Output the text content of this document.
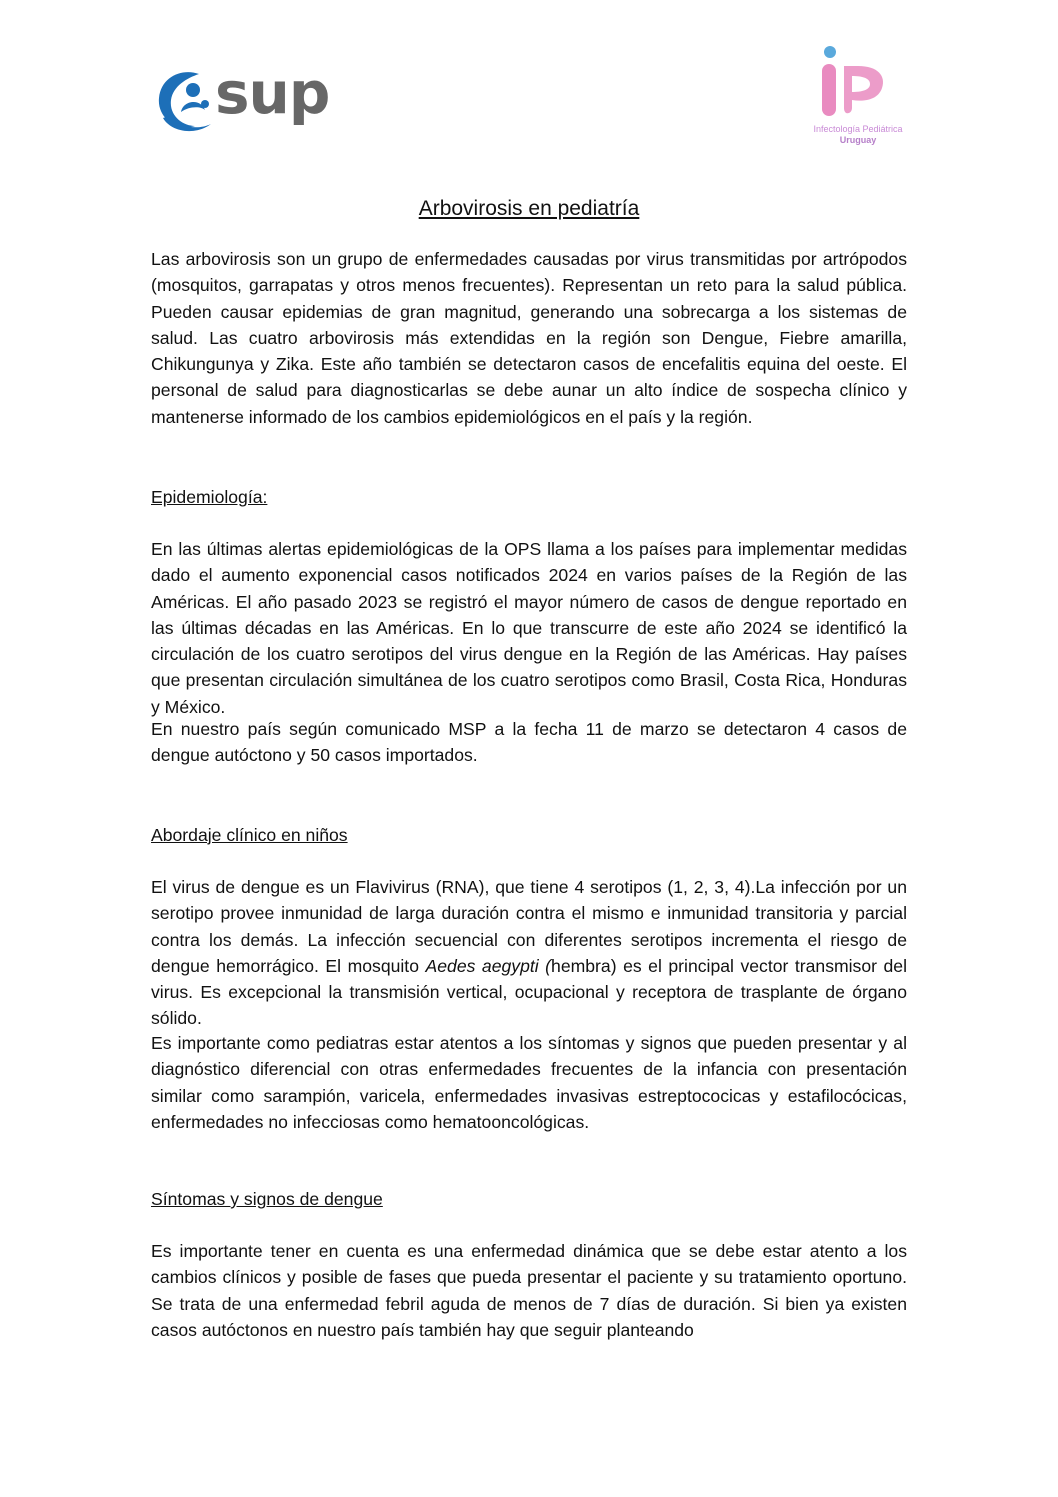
sup
Infectología Pediátrica
Uruguay
Arbovirosis en pediatría

Las arbovirosis son un grupo de enfermedades causadas por virus transmitidas por artrópodos (mosquitos, garrapatas y otros menos frecuentes). Representan un reto para la salud pública. Pueden causar epidemias de gran magnitud, generando una sobrecarga a los sistemas de salud. Las cuatro arbovirosis más extendidas en la región son Dengue, Fiebre amarilla, Chikungunya y Zika. Este año también se detectaron casos de encefalitis equina del oeste. El personal de salud para diagnosticarlas se debe aunar un alto índice de sospecha clínico y mantenerse informado de los cambios epidemiológicos en el país y la región.

Epidemiología:

En las últimas alertas epidemiológicas de la OPS llama a los países para implementar medidas dado el aumento exponencial casos notificados 2024 en varios países de la Región de las Américas. El año pasado 2023 se registró el mayor número de casos de dengue reportado en las últimas décadas en las Américas. En lo que transcurre de este año 2024 se identificó la circulación de los cuatro serotipos del virus dengue en la Región de las Américas. Hay países que presentan circulación simultánea de los cuatro serotipos como Brasil, Costa Rica, Honduras y México.

En nuestro país según comunicado MSP a la fecha 11 de marzo se detectaron 4 casos de dengue autóctono y 50 casos importados.

Abordaje clínico en niños

El virus de dengue es un Flavivirus (RNA), que tiene 4 serotipos (1, 2, 3, 4).La infección por un serotipo provee inmunidad de larga duración contra el mismo e inmunidad transitoria y parcial contra los demás. La infección secuencial con diferentes serotipos incrementa el riesgo de dengue hemorrágico. El mosquito Aedes aegypti (hembra) es el principal vector transmisor del virus. Es excepcional la transmisión vertical, ocupacional y receptora de trasplante de órgano sólido.

Es importante como pediatras estar atentos a los síntomas y signos que pueden presentar y al diagnóstico diferencial con otras enfermedades frecuentes de la infancia con presentación similar como sarampión, varicela, enfermedades invasivas estreptococicas y estafilocócicas, enfermedades no infecciosas como hematooncológicas.

Síntomas y signos de dengue

Es importante tener en cuenta es una enfermedad dinámica que se debe estar atento a los cambios clínicos y posible de fases que pueda presentar el paciente y su tratamiento oportuno. Se trata de una enfermedad febril aguda de menos de 7 días de duración. Si bien ya existen casos autóctonos en nuestro país también hay que seguir planteando
